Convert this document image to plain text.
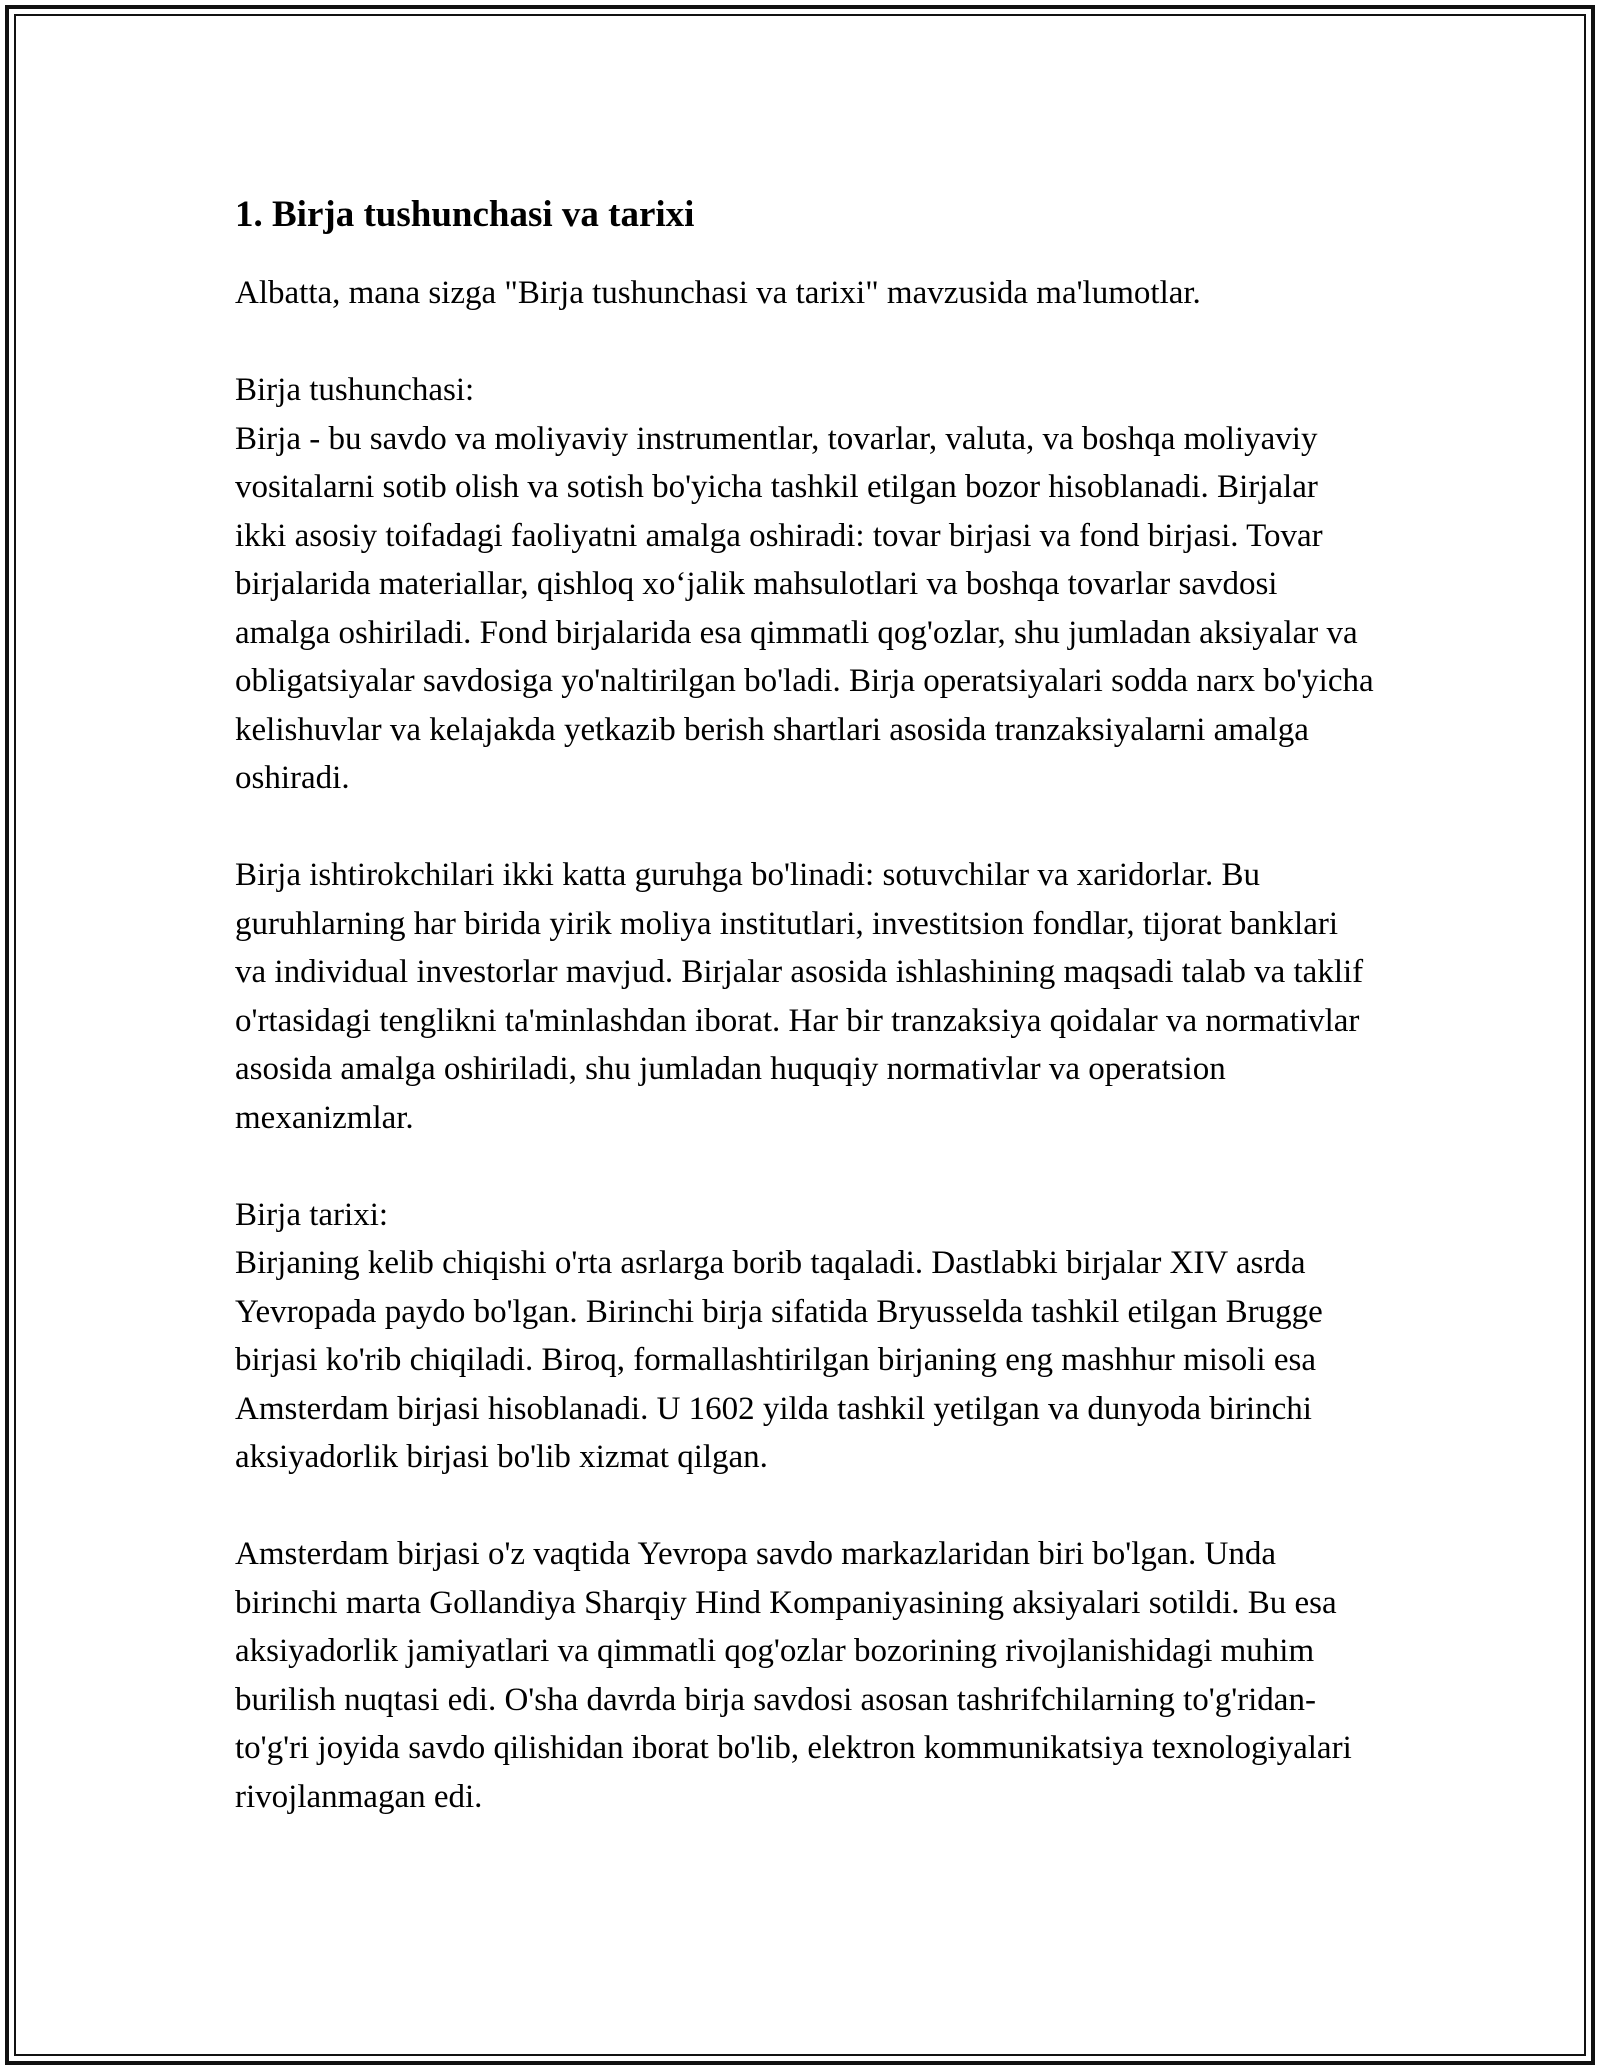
1. Birja tushunchasi va tarixi

Albatta, mana sizga "Birja tushunchasi va tarixi" mavzusida ma'lumotlar.

Birja tushunchasi:

Birja - bu savdo va moliyaviy instrumentlar, tovarlar, valuta, va boshqa moliyaviy vositalarni sotib olish va sotish bo'yicha tashkil etilgan bozor hisoblanadi. Birjalar ikki asosiy toifadagi faoliyatni amalga oshiradi: tovar birjasi va fond birjasi. Tovar birjalarida materiallar, qishloq xo‘jalik mahsulotlari va boshqa tovarlar savdosi amalga oshiriladi. Fond birjalarida esa qimmatli qog'ozlar, shu jumladan aksiyalar va obligatsiyalar savdosiga yo'naltirilgan bo'ladi. Birja operatsiyalari sodda narx bo'yicha kelishuvlar va kelajakda yetkazib berish shartlari asosida tranzaksiyalarni amalga oshiradi.

Birja ishtirokchilari ikki katta guruhga bo'linadi: sotuvchilar va xaridorlar. Bu guruhlarning har birida yirik moliya institutlari, investitsion fondlar, tijorat banklari va individual investorlar mavjud. Birjalar asosida ishlashining maqsadi talab va taklif o'rtasidagi tenglikni ta'minlashdan iborat. Har bir tranzaksiya qoidalar va normativlar asosida amalga oshiriladi, shu jumladan huquqiy normativlar va operatsion mexanizmlar.

Birja tarixi:

Birjaning kelib chiqishi o'rta asrlarga borib taqaladi. Dastlabki birjalar XIV asrda Yevropada paydo bo'lgan. Birinchi birja sifatida Bryusselda tashkil etilgan Brugge birjasi ko'rib chiqiladi. Biroq, formallashtirilgan birjaning eng mashhur misoli esa Amsterdam birjasi hisoblanadi. U 1602 yilda tashkil yetilgan va dunyoda birinchi aksiyadorlik birjasi bo'lib xizmat qilgan.

Amsterdam birjasi o'z vaqtida Yevropa savdo markazlaridan biri bo'lgan. Unda birinchi marta Gollandiya Sharqiy Hind Kompaniyasining aksiyalari sotildi. Bu esa aksiyadorlik jamiyatlari va qimmatli qog'ozlar bozorining rivojlanishidagi muhim burilish nuqtasi edi. O'sha davrda birja savdosi asosan tashrifchilarning to'g'ridan-to'g'ri joyida savdo qilishidan iborat bo'lib, elektron kommunikatsiya texnologiyalari rivojlanmagan edi.
